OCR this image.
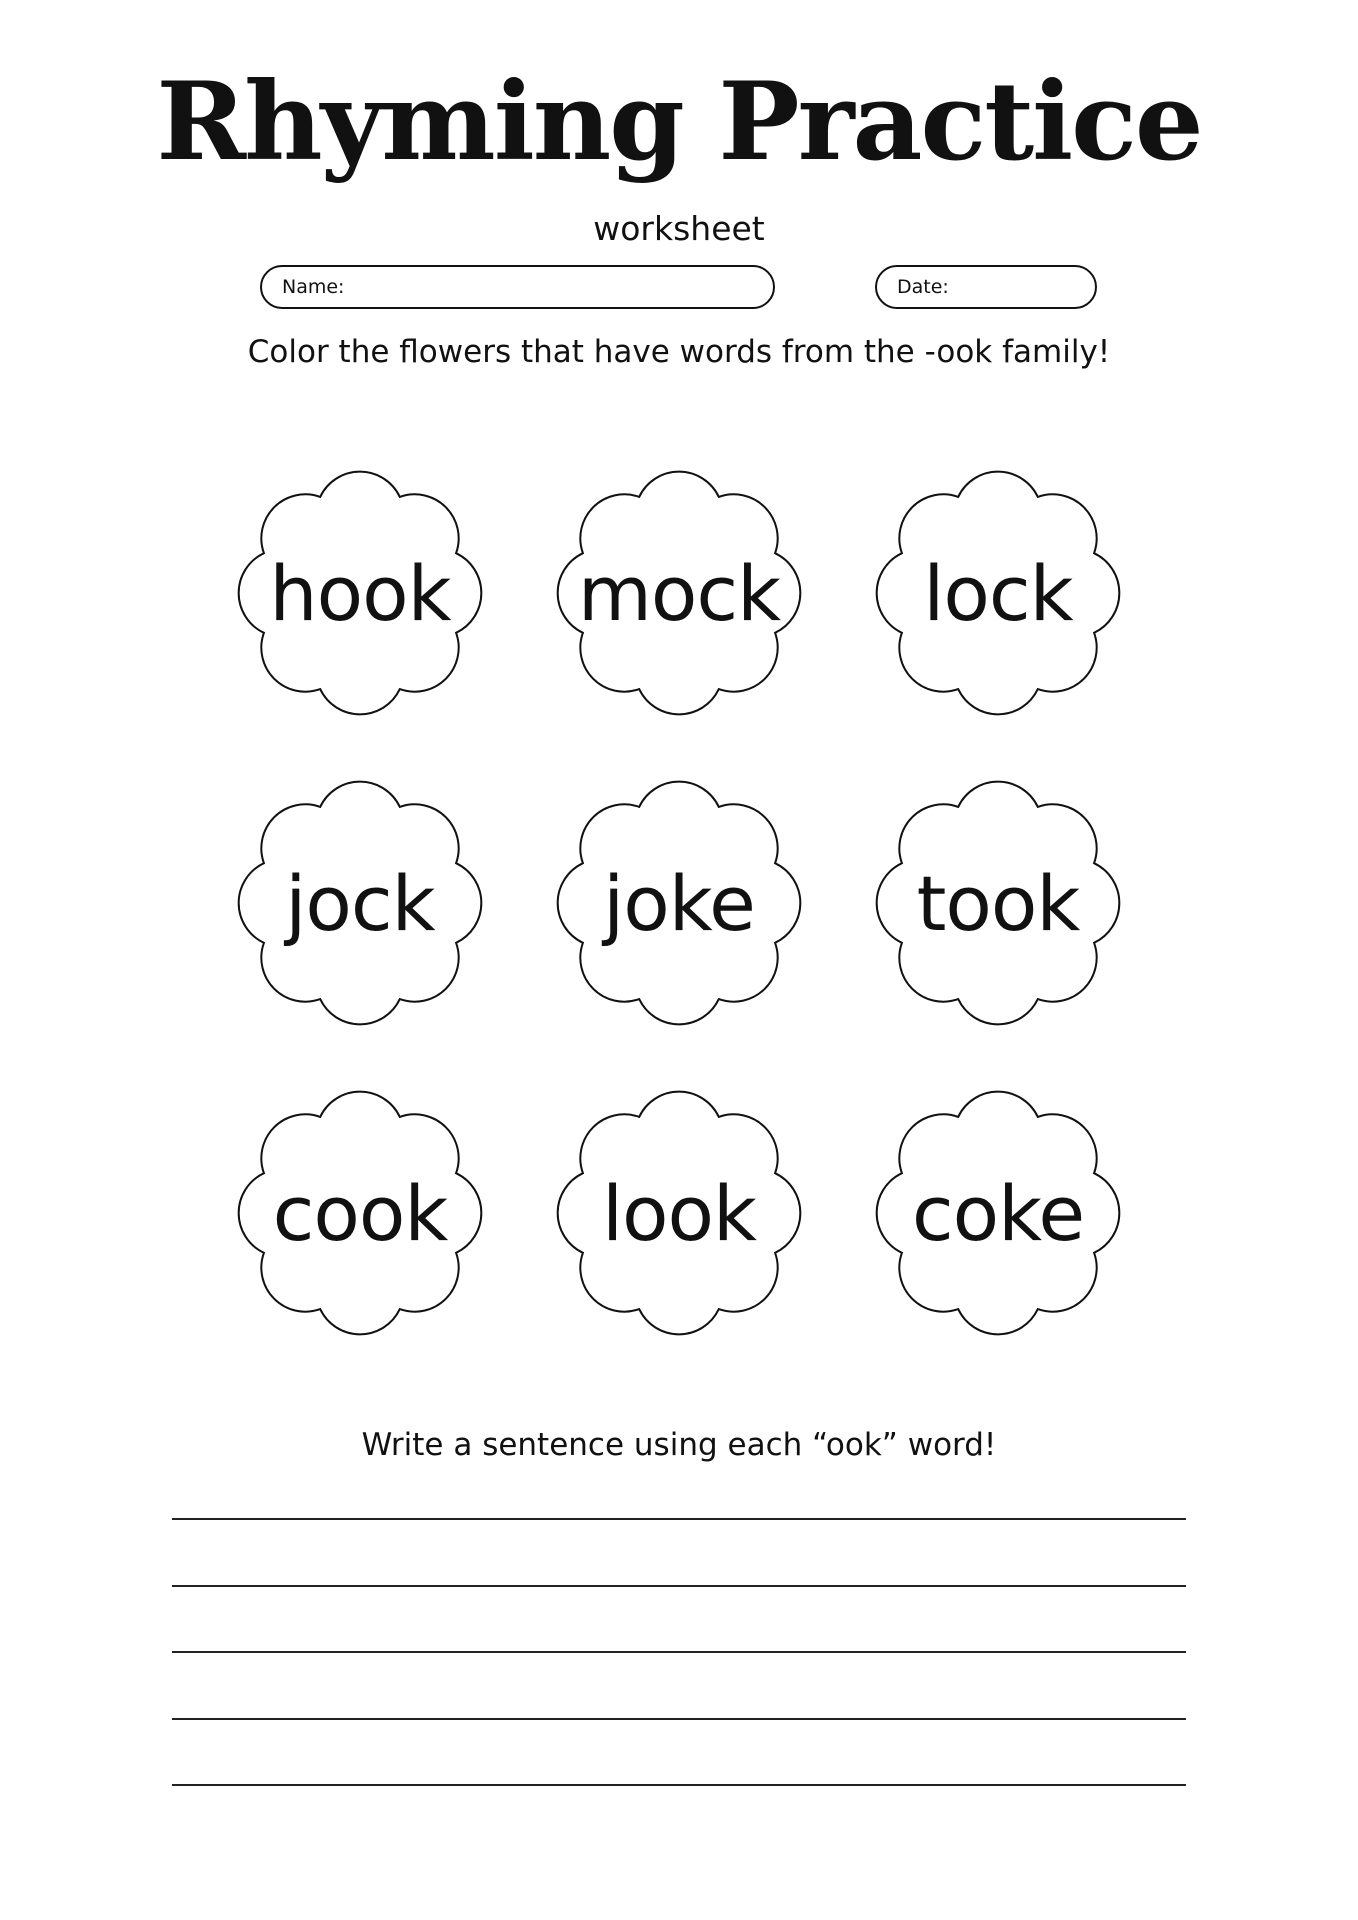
Rhyming Practice
worksheet
Name:	Date:
Color the flowers that have words from the -ook family!
hook	mock	lock
jock	joke	took
cook	look	coke
Write a sentence using each “ook” word!
